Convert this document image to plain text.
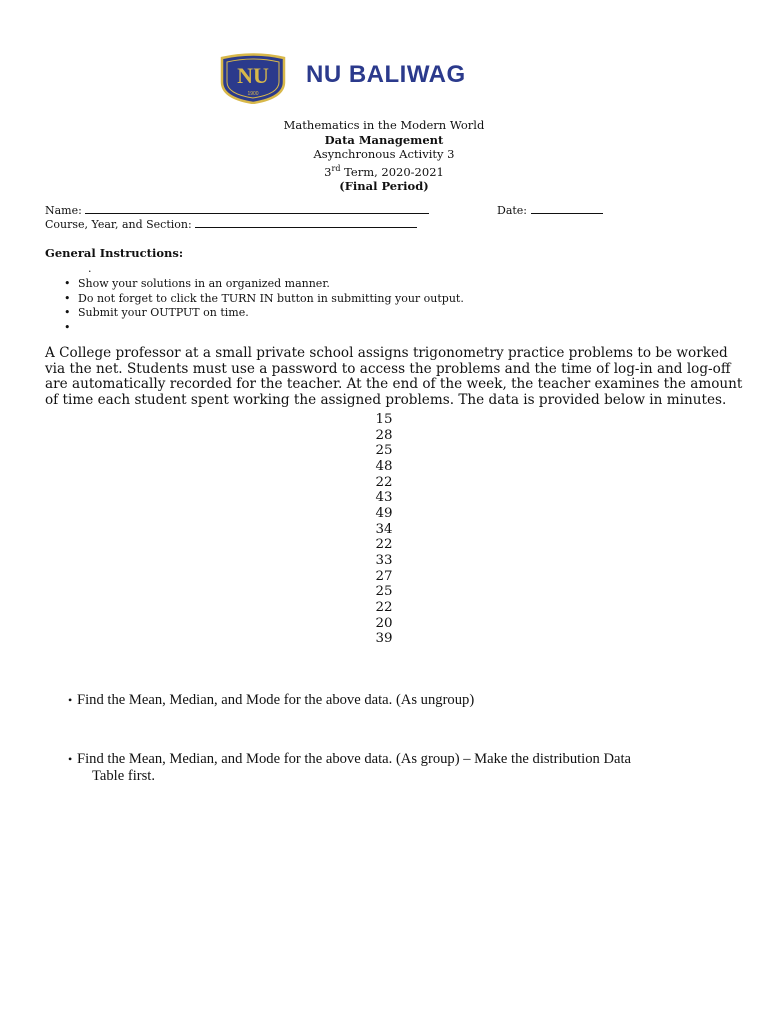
NU
1900
NU BALIWAG
Mathematics in the Modern World
Data Management
Asynchronous Activity 3
3rd Term, 2020-2021
(Final Period)
Name:	Date:
Course, Year, and Section:
General Instructions:
.
• Show your solutions in an organized manner.
• Do not forget to click the TURN IN button in submitting your output.
• Submit your OUTPUT on time.
•
A College professor at a small private school assigns trigonometry practice problems to be worked
via the net. Students must use a password to access the problems and the time of log-in and log-off
are automatically recorded for the teacher. At the end of the week, the teacher examines the amount
of time each student spent working the assigned problems. The data is provided below in minutes.
15
28
25
48
22
43
49
34
22
33
27
25
22
20
39
• Find the Mean, Median, and Mode for the above data. (As ungroup)
• Find the Mean, Median, and Mode for the above data. (As group) – Make the distribution Data
Table first.
